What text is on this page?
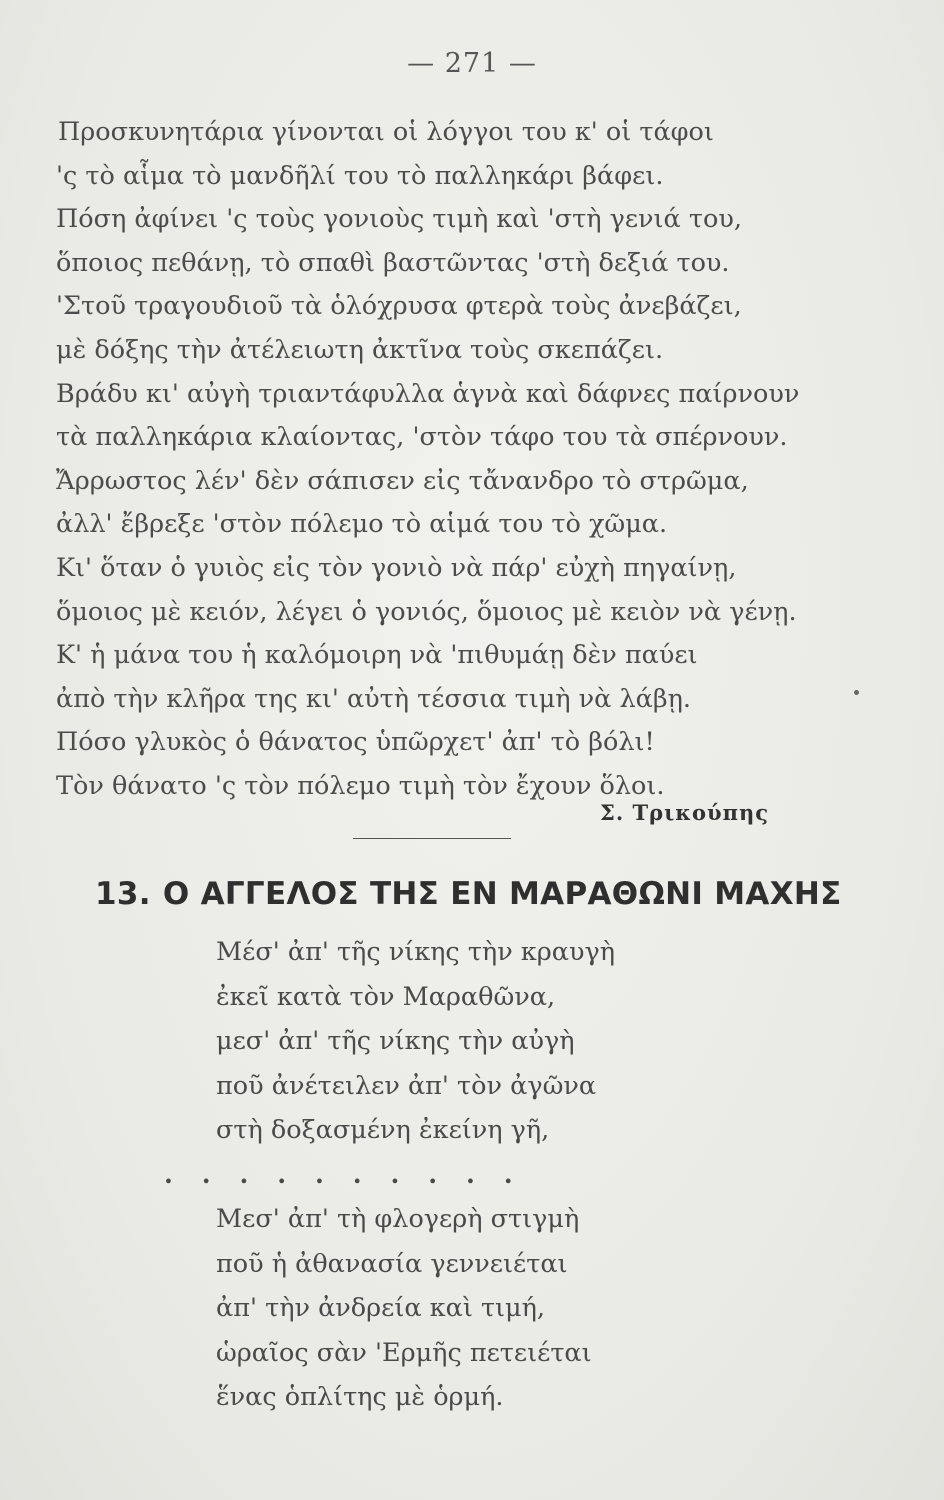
— 271 —
Προσκυνητάρια γίνονται οἱ λόγγοι του κ' οἱ τάφοι
'ς τὸ αἷμα τὸ μανδῆλί του τὸ παλληκάρι βάφει.
Πόση ἀφίνει 'ς τοὺς γονιοὺς τιμὴ καὶ 'στὴ γενιά του,
ὅποιος πεθάνῃ, τὸ σπαθὶ βαστῶντας 'στὴ δεξιά του.
'Στοῦ τραγουδιοῦ τὰ ὁλόχρυσα φτερὰ τοὺς ἀνεβάζει,
μὲ δόξης τὴν ἀτέλειωτη ἀκτῖνα τοὺς σκεπάζει.
Βράδυ κι' αὐγὴ τριαντάφυλλα ἁγνὰ καὶ δάφνες παίρνουν
τὰ παλληκάρια κλαίοντας, 'στὸν τάφο του τὰ σπέρνουν.
Ἄρρωστος λέν' δὲν σάπισεν εἰς τἄνανδρο τὸ στρῶμα,
ἀλλ' ἔβρεξε 'στὸν πόλεμο τὸ αἱμά του τὸ χῶμα.
Κι' ὅταν ὁ γυιὸς εἰς τὸν γονιὸ νὰ πάρ' εὐχὴ πηγαίνῃ,
ὅμοιος μὲ κειόν, λέγει ὁ γονιός, ὅμοιος μὲ κειὸν νὰ γένῃ.
Κ' ἡ μάνα του ἡ καλόμοιρη νὰ 'πιθυμάῃ δὲν παύει
ἀπὸ τὴν κλῆρα της κι' αὐτὴ τέσσια τιμὴ νὰ λάβῃ.
Πόσο γλυκὸς ὁ θάνατος ὑπῶρχετ' ἀπ' τὸ βόλι!
Τὸν θάνατο 'ς τὸν πόλεμο τιμὴ τὸν ἔχουν ὅλοι.
Σ. Τρικούπης
13. Ο ΑΓΓΕΛΟΣ ΤΗΣ ΕΝ ΜΑΡΑΘΩΝΙ ΜΑΧΗΣ
Μέσ' ἀπ' τῆς νίκης τὴν κραυγὴ
ἐκεῖ κατὰ τὸν Μαραθῶνα,
μεσ' ἀπ' τῆς νίκης τὴν αὐγὴ
ποῦ ἀνέτειλεν ἀπ' τὸν ἀγῶνα
στὴ δοξασμένη ἐκείνη γῆ,
. . . . . . . . . .
Μεσ' ἀπ' τὴ φλογερὴ στιγμὴ
ποῦ ἡ ἀθανασία γεννειέται
ἀπ' τὴν ἀνδρεία καὶ τιμή,
ὡραῖος σὰν 'Ερμῆς πετειέται
ἕνας ὁπλίτης μὲ ὁρμή.
